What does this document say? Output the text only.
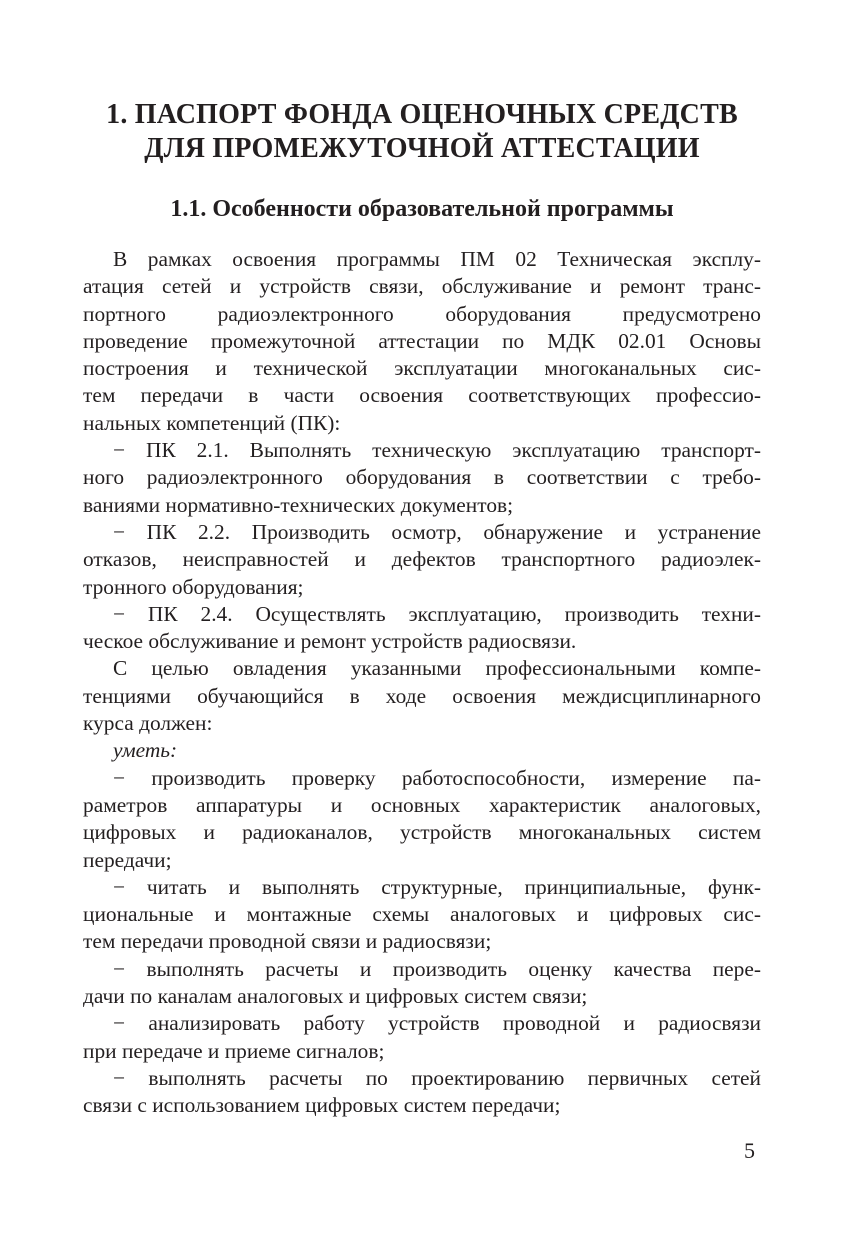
1. ПАСПОРТ ФОНДА ОЦЕНОЧНЫХ СРЕДСТВ
ДЛЯ ПРОМЕЖУТОЧНОЙ АТТЕСТАЦИИ
1.1. Особенности образовательной программы
В рамках освоения программы ПМ 02 Техническая эксплу-
атация сетей и устройств связи, обслуживание и ремонт транс-
портного радиоэлектронного оборудования предусмотрено
проведение промежуточной аттестации по МДК 02.01 Основы
построения и технической эксплуатации многоканальных сис-
тем передачи в части освоения соответствующих профессио-
нальных компетенций (ПК):
− ПК 2.1. Выполнять техническую эксплуатацию транспорт-
ного радиоэлектронного оборудования в соответствии с требо-
ваниями нормативно-технических документов;
− ПК 2.2. Производить осмотр, обнаружение и устранение
отказов, неисправностей и дефектов транспортного радиоэлек-
тронного оборудования;
− ПК 2.4. Осуществлять эксплуатацию, производить техни-
ческое обслуживание и ремонт устройств радиосвязи.
С целью овладения указанными профессиональными компе-
тенциями обучающийся в ходе освоения междисциплинарного
курса должен:
уметь:
− производить проверку работоспособности, измерение па-
раметров аппаратуры и основных характеристик аналоговых,
цифровых и радиоканалов, устройств многоканальных систем
передачи;
− читать и выполнять структурные, принципиальные, функ-
циональные и монтажные схемы аналоговых и цифровых сис-
тем передачи проводной связи и радиосвязи;
− выполнять расчеты и производить оценку качества пере-
дачи по каналам аналоговых и цифровых систем связи;
− анализировать работу устройств проводной и радиосвязи
при передаче и приеме сигналов;
− выполнять расчеты по проектированию первичных сетей
связи с использованием цифровых систем передачи;
5
